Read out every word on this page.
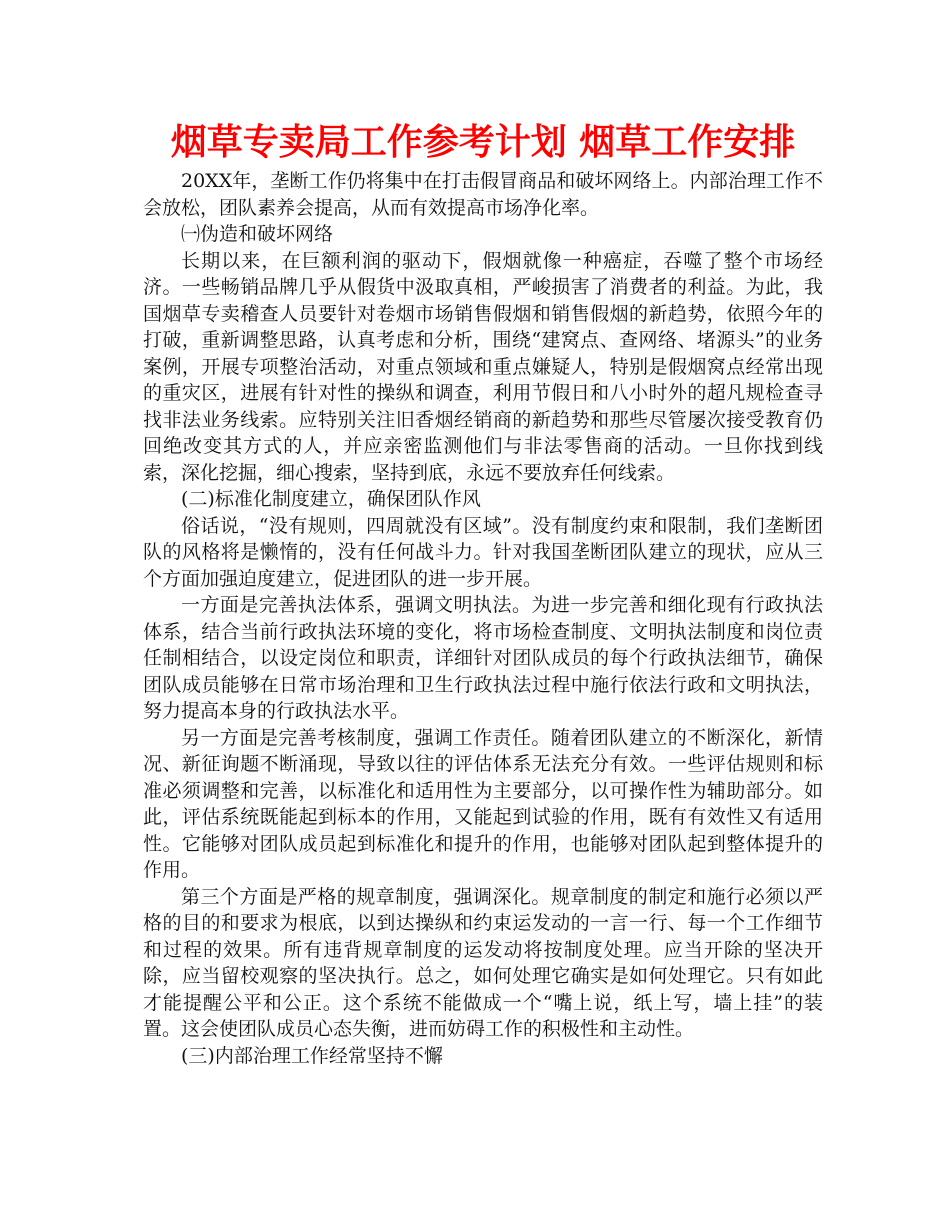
烟草专卖局工作参考计划 烟草工作安排

20XX年，垄断工作仍将集中在打击假冒商品和破坏网络上。内部治理工作不会放松，团队素养会提高，从而有效提高市场净化率。

㈠伪造和破坏网络

长期以来，在巨额利润的驱动下，假烟就像一种癌症，吞噬了整个市场经济。一些畅销品牌几乎从假货中汲取真相，严峻损害了消费者的利益。为此，我国烟草专卖稽查人员要针对卷烟市场销售假烟和销售假烟的新趋势，依照今年的打破，重新调整思路，认真考虑和分析，围绕“建窝点、查网络、堵源头”的业务案例，开展专项整治活动，对重点领域和重点嫌疑人，特别是假烟窝点经常出现的重灾区，进展有针对性的操纵和调查，利用节假日和八小时外的超凡规检查寻找非法业务线索。应特别关注旧香烟经销商的新趋势和那些尽管屡次接受教育仍回绝改变其方式的人，并应亲密监测他们与非法零售商的活动。一旦你找到线索，深化挖掘，细心搜索，坚持到底，永远不要放弃任何线索。

(二)标准化制度建立，确保团队作风

俗话说，“没有规则，四周就没有区域”。没有制度约束和限制，我们垄断团队的风格将是懒惰的，没有任何战斗力。针对我国垄断团队建立的现状，应从三个方面加强迫度建立，促进团队的进一步开展。

一方面是完善执法体系，强调文明执法。为进一步完善和细化现有行政执法体系，结合当前行政执法环境的变化，将市场检查制度、文明执法制度和岗位责任制相结合，以设定岗位和职责，详细针对团队成员的每个行政执法细节，确保团队成员能够在日常市场治理和卫生行政执法过程中施行依法行政和文明执法，努力提高本身的行政执法水平。

另一方面是完善考核制度，强调工作责任。随着团队建立的不断深化，新情况、新征询题不断涌现，导致以往的评估体系无法充分有效。一些评估规则和标准必须调整和完善，以标准化和适用性为主要部分，以可操作性为辅助部分。如此，评估系统既能起到标本的作用，又能起到试验的作用，既有有效性又有适用性。它能够对团队成员起到标准化和提升的作用，也能够对团队起到整体提升的作用。

第三个方面是严格的规章制度，强调深化。规章制度的制定和施行必须以严格的目的和要求为根底，以到达操纵和约束运发动的一言一行、每一个工作细节和过程的效果。所有违背规章制度的运发动将按制度处理。应当开除的坚决开除，应当留校观察的坚决执行。总之，如何处理它确实是如何处理它。只有如此才能提醒公平和公正。这个系统不能做成一个“嘴上说，纸上写，墙上挂”的装置。这会使团队成员心态失衡，进而妨碍工作的积极性和主动性。

(三)内部治理工作经常坚持不懈
